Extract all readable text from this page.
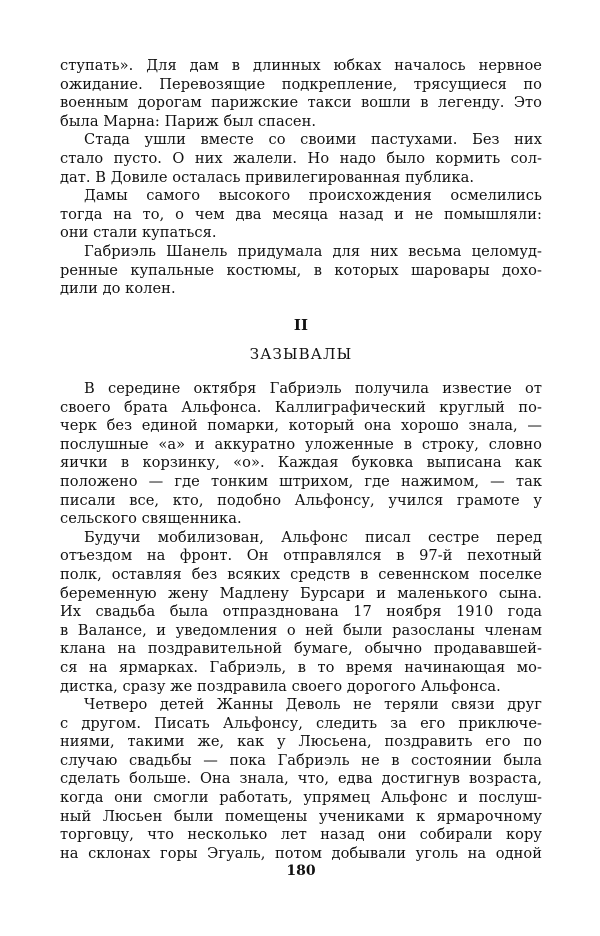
ступать». Для дам в длинных юбках началось нервное
ожидание. Перевозящие подкрепление, трясущиеся по
военным дорогам парижские такси вошли в легенду. Это
была Марна: Париж был спасен.
Стада ушли вместе со своими пастухами. Без них
стало пусто. О них жалели. Но надо было кормить сол-
дат. В Довиле осталась привилегированная публика.
Дамы самого высокого происхождения осмелились
тогда на то, о чем два месяца назад и не помышляли:
они стали купаться.
Габриэль Шанель придумала для них весьма целомуд-
ренные купальные костюмы, в которых шаровары дохо-
дили до колен.
II
ЗАЗЫВАЛЫ
В середине октября Габриэль получила известие от
своего брата Альфонса. Каллиграфический круглый по-
черк без единой помарки, который она хорошо знала, —
послушные «а» и аккуратно уложенные в строку, словно
яички в корзинку, «о». Каждая буковка выписана как
положено — где тонким штрихом, где нажимом, — так
писали все, кто, подобно Альфонсу, учился грамоте у
сельского священника.
Будучи мобилизован, Альфонс писал сестре перед
отъездом на фронт. Он отправлялся в 97-й пехотный
полк, оставляя без всяких средств в севеннском поселке
беременную жену Мадлену Бурсари и маленького сына.
Их свадьба была отпразднована 17 ноября 1910 года
в Валансе, и уведомления о ней были разосланы членам
клана на поздравительной бумаге, обычно продававшей-
ся на ярмарках. Габриэль, в то время начинающая мо-
дистка, сразу же поздравила своего дорогого Альфонса.
Четверо детей Жанны Деволь не теряли связи друг
с другом. Писать Альфонсу, следить за его приключе-
ниями, такими же, как у Люсьена, поздравить его по
случаю свадьбы — пока Габриэль не в состоянии была
сделать больше. Она знала, что, едва достигнув возраста,
когда они смогли работать, упрямец Альфонс и послуш-
ный Люсьен были помещены учениками к ярмарочному
торговцу, что несколько лет назад они собирали кору
на склонах горы Эгуаль, потом добывали уголь на одной
180
